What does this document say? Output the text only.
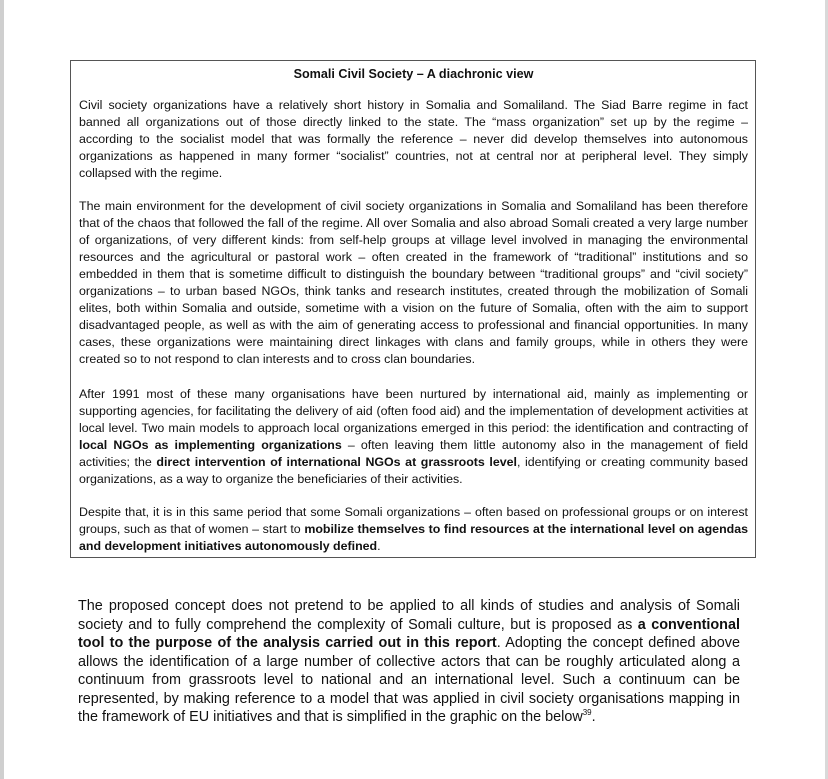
Somali Civil Society – A diachronic view

Civil society organizations have a relatively short history in Somalia and Somaliland. The Siad Barre regime in fact banned all organizations out of those directly linked to the state. The “mass organization” set up by the regime – according to the socialist model that was formally the reference – never did develop themselves into autonomous organizations as happened in many former “socialist” countries, not at central nor at peripheral level. They simply collapsed with the regime.

The main environment for the development of civil society organizations in Somalia and Somaliland has been therefore that of the chaos that followed the fall of the regime. All over Somalia and also abroad Somali created a very large number of organizations, of very different kinds: from self-help groups at village level involved in managing the environmental resources and the agricultural or pastoral work – often created in the framework of “traditional” institutions and so embedded in them that is sometime difficult to distinguish the boundary between “traditional groups” and “civil society” organizations – to urban based NGOs, think tanks and research institutes, created through the mobilization of Somali elites, both within Somalia and outside, sometime with a vision on the future of Somalia, often with the aim to support disadvantaged people, as well as with the aim of generating access to professional and financial opportunities. In many cases, these organizations were maintaining direct linkages with clans and family groups, while in others they were created so to not respond to clan interests and to cross clan boundaries.

After 1991 most of these many organisations have been nurtured by international aid, mainly as implementing or supporting agencies, for facilitating the delivery of aid (often food aid) and the implementation of development activities at local level. Two main models to approach local organizations emerged in this period: the identification and contracting of local NGOs as implementing organizations – often leaving them little autonomy also in the management of field activities; the direct intervention of international NGOs at grassroots level, identifying or creating community based organizations, as a way to organize the beneficiaries of their activities.

Despite that, it is in this same period that some Somali organizations – often based on professional groups or on interest groups, such as that of women – start to mobilize themselves to find resources at the international level on agendas and development initiatives autonomously defined.

The proposed concept does not pretend to be applied to all kinds of studies and analysis of Somali society and to fully comprehend the complexity of Somali culture, but is proposed as a conventional tool to the purpose of the analysis carried out in this report. Adopting the concept defined above allows the identification of a large number of collective actors that can be roughly articulated along a continuum from grassroots level to national and an international level. Such a continuum can be represented, by making reference to a model that was applied in civil society organisations mapping in the framework of EU initiatives and that is simplified in the graphic on the below$^{39}$.
